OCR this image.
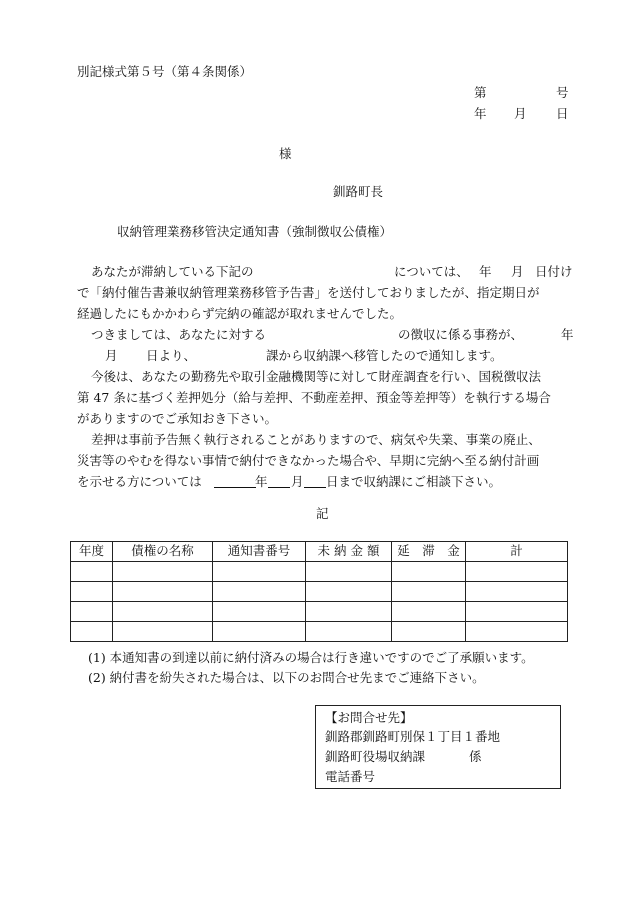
別記様式第５号（第４条関係）
第	号
年 月 日
様
釧路町長
収納管理業務移管決定通知書（強制徴収公債権）
あなたが滞納している下記の	については、 年 月 日付け
で「納付催告書兼収納管理業務移管予告書」を送付しておりましたが、指定期日が
経過したにもかかわらず完納の確認が取れませんでした。
つきましては、あなたに対する	の徴収に係る事務が、	年
月 日より、	課から収納課へ移管したので通知します。
今後は、あなたの勤務先や取引金融機関等に対して財産調査を行い、国税徴収法
第 47 条に基づく差押処分（給与差押、不動産差押、預金等差押等）を執行する場合
がありますのでご承知おき下さい。
差押は事前予告無く執行されることがありますので、病気や失業、事業の廃止、
災害等のやむを得ない事情で納付できなかった場合や、早期に完納へ至る納付計画
を示せる方については	年 月 日まで収納課にご相談下さい。
記
年度	債権の名称	通知書番号	未 納 金 額	延　滞　金	計

(1) 本通知書の到達以前に納付済みの場合は行き違いですのでご了承願います。
(2) 納付書を紛失された場合は、以下のお問合せ先までご連絡下さい。
【お問合せ先】
釧路郡釧路町別保１丁目１番地
釧路町役場収納課	係
電話番号
